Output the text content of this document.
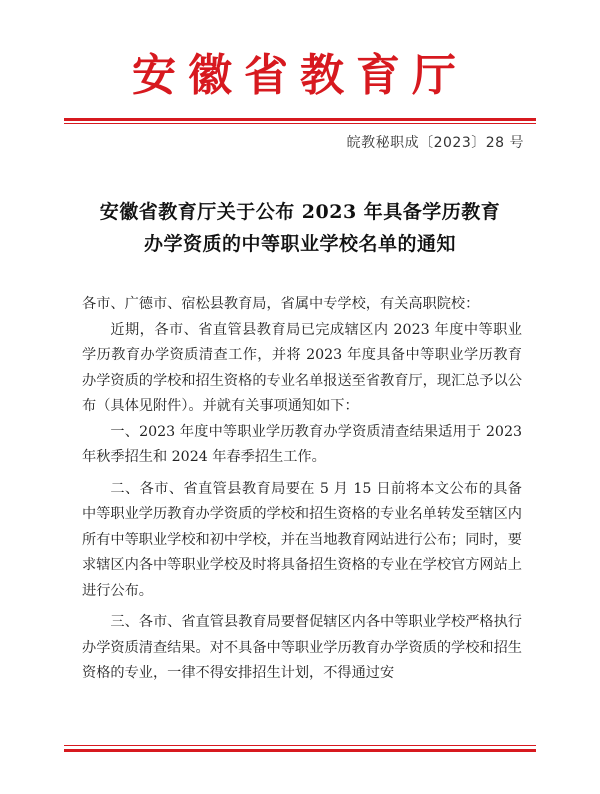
安徽省教育厅
皖教秘职成〔2023〕28 号
安徽省教育厅关于公布 2023 年具备学历教育
办学资质的中等职业学校名单的通知

各市、广德市、宿松县教育局，省属中专学校，有关高职院校：

近期，各市、省直管县教育局已完成辖区内 2023 年度中等职业学历教育办学资质清查工作，并将 2023 年度具备中等职业学历教育办学资质的学校和招生资格的专业名单报送至省教育厅，现汇总予以公布（具体见附件）。并就有关事项通知如下：

一、2023 年度中等职业学历教育办学资质清查结果适用于 2023 年秋季招生和 2024 年春季招生工作。

二、各市、省直管县教育局要在 5 月 15 日前将本文公布的具备中等职业学历教育办学资质的学校和招生资格的专业名单转发至辖区内所有中等职业学校和初中学校，并在当地教育网站进行公布；同时，要求辖区内各中等职业学校及时将具备招生资格的专业在学校官方网站上进行公布。

三、各市、省直管县教育局要督促辖区内各中等职业学校严格执行办学资质清查结果。对不具备中等职业学历教育办学资质的学校和招生资格的专业，一律不得安排招生计划，不得通过安
